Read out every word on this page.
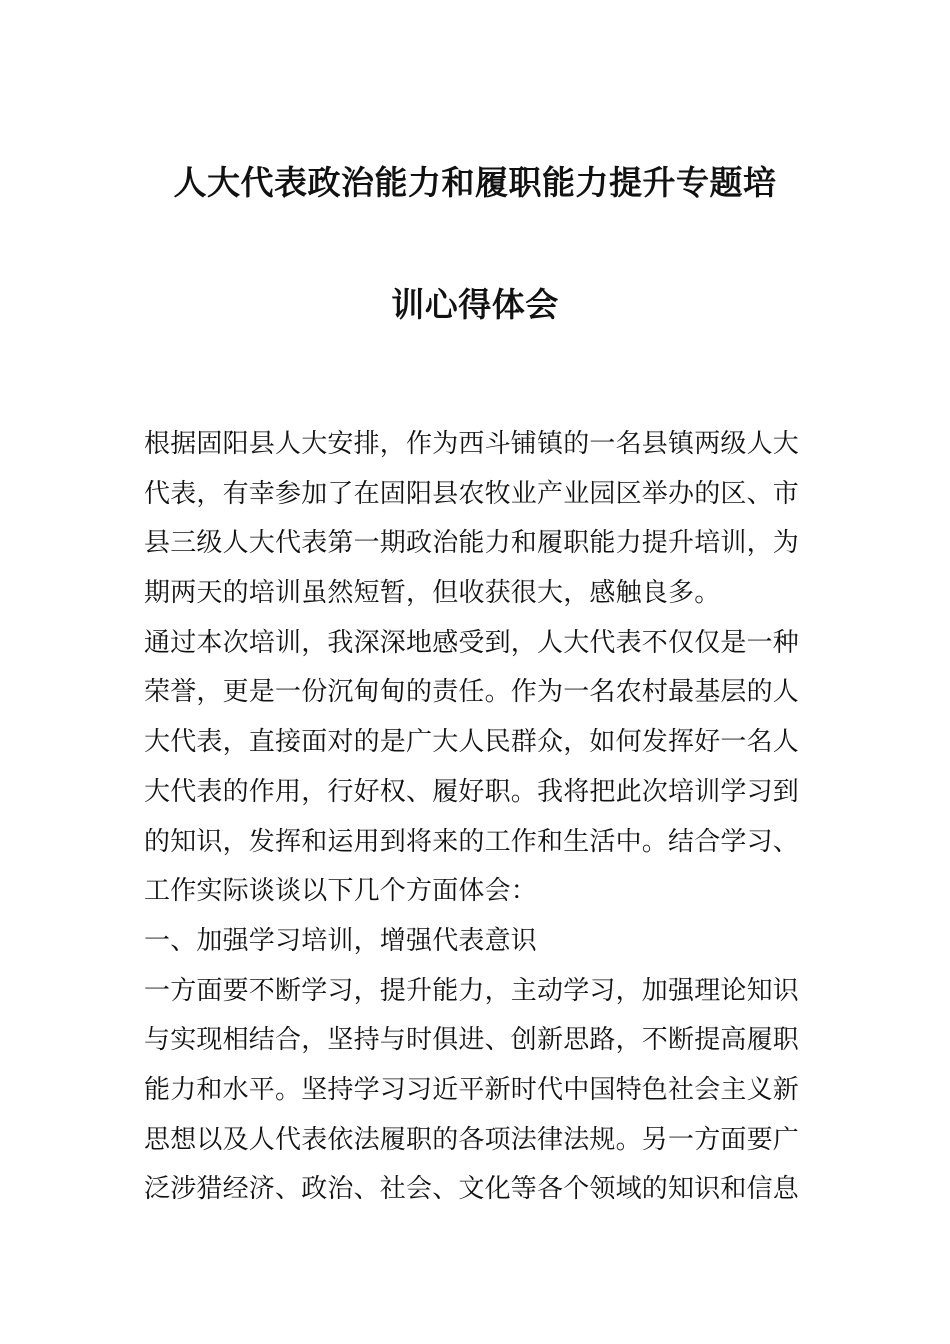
人大代表政治能力和履职能力提升专题培
训心得体会
根据固阳县人大安排，作为西斗铺镇的一名县镇两级人大
代表，有幸参加了在固阳县农牧业产业园区举办的区、市
县三级人大代表第一期政治能力和履职能力提升培训，为
期两天的培训虽然短暂，但收获很大，感触良多。
通过本次培训，我深深地感受到，人大代表不仅仅是一种
荣誉，更是一份沉甸甸的责任。作为一名农村最基层的人
大代表，直接面对的是广大人民群众，如何发挥好一名人
大代表的作用，行好权、履好职。我将把此次培训学习到
的知识，发挥和运用到将来的工作和生活中。结合学习、
工作实际谈谈以下几个方面体会：
一、加强学习培训，增强代表意识
一方面要不断学习，提升能力，主动学习，加强理论知识
与实现相结合，坚持与时俱进、创新思路，不断提高履职
能力和水平。坚持学习习近平新时代中国特色社会主义新
思想以及人代表依法履职的各项法律法规。另一方面要广
泛涉猎经济、政治、社会、文化等各个领域的知识和信息
